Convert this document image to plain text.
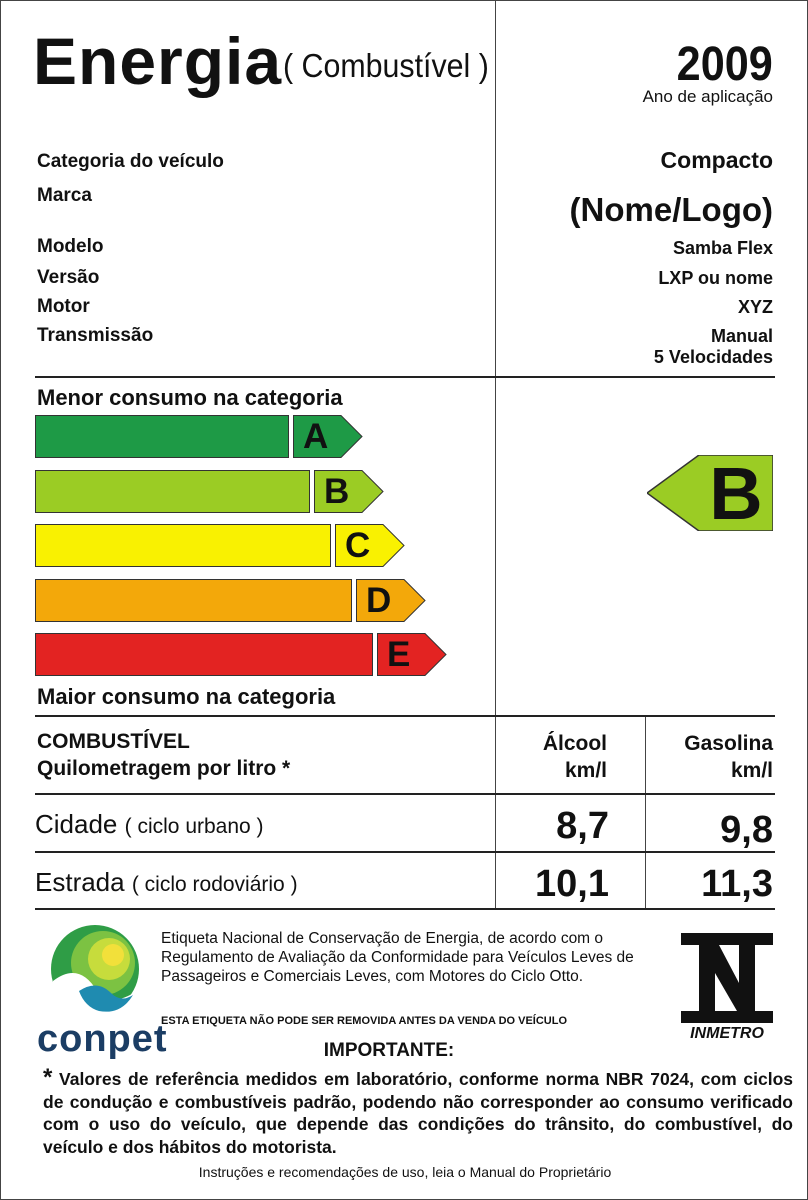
Energia ( Combustível )	2009
Ano de aplicação
Categoria do veículo	Compacto
Marca	(Nome/Logo)
Modelo	Samba Flex
Versão	LXP ou nome
Motor	XYZ
Transmissão	Manual
5 Velocidades
Menor consumo na categoria
A
B
C
D
E
Maior consumo na categoria
B
COMBUSTÍVEL
Quilometragem por litro *
Álcool
km/l
Gasolina
km/l
Cidade ( ciclo urbano )	8,7	9,8
Estrada ( ciclo rodoviário )	10,1 11,3
conpet	INMETRO
Etiqueta Nacional de Conservação de Energia, de acordo com o Regulamento de Avaliação da Conformidade para Veículos Leves de Passageiros e Comerciais Leves, com Motores do Ciclo Otto.
ESTA ETIQUETA NÃO PODE SER REMOVIDA ANTES DA VENDA DO VEÍCULO
IMPORTANTE:
* Valores de referência medidos em laboratório, conforme norma NBR 7024, com ciclos de condução e combustíveis padrão, podendo não corresponder ao consumo verificado com o uso do veículo, que depende das condições do trânsito, do combustível, do veículo e dos hábitos do motorista.
Instruções e recomendações de uso, leia o Manual do Proprietário
